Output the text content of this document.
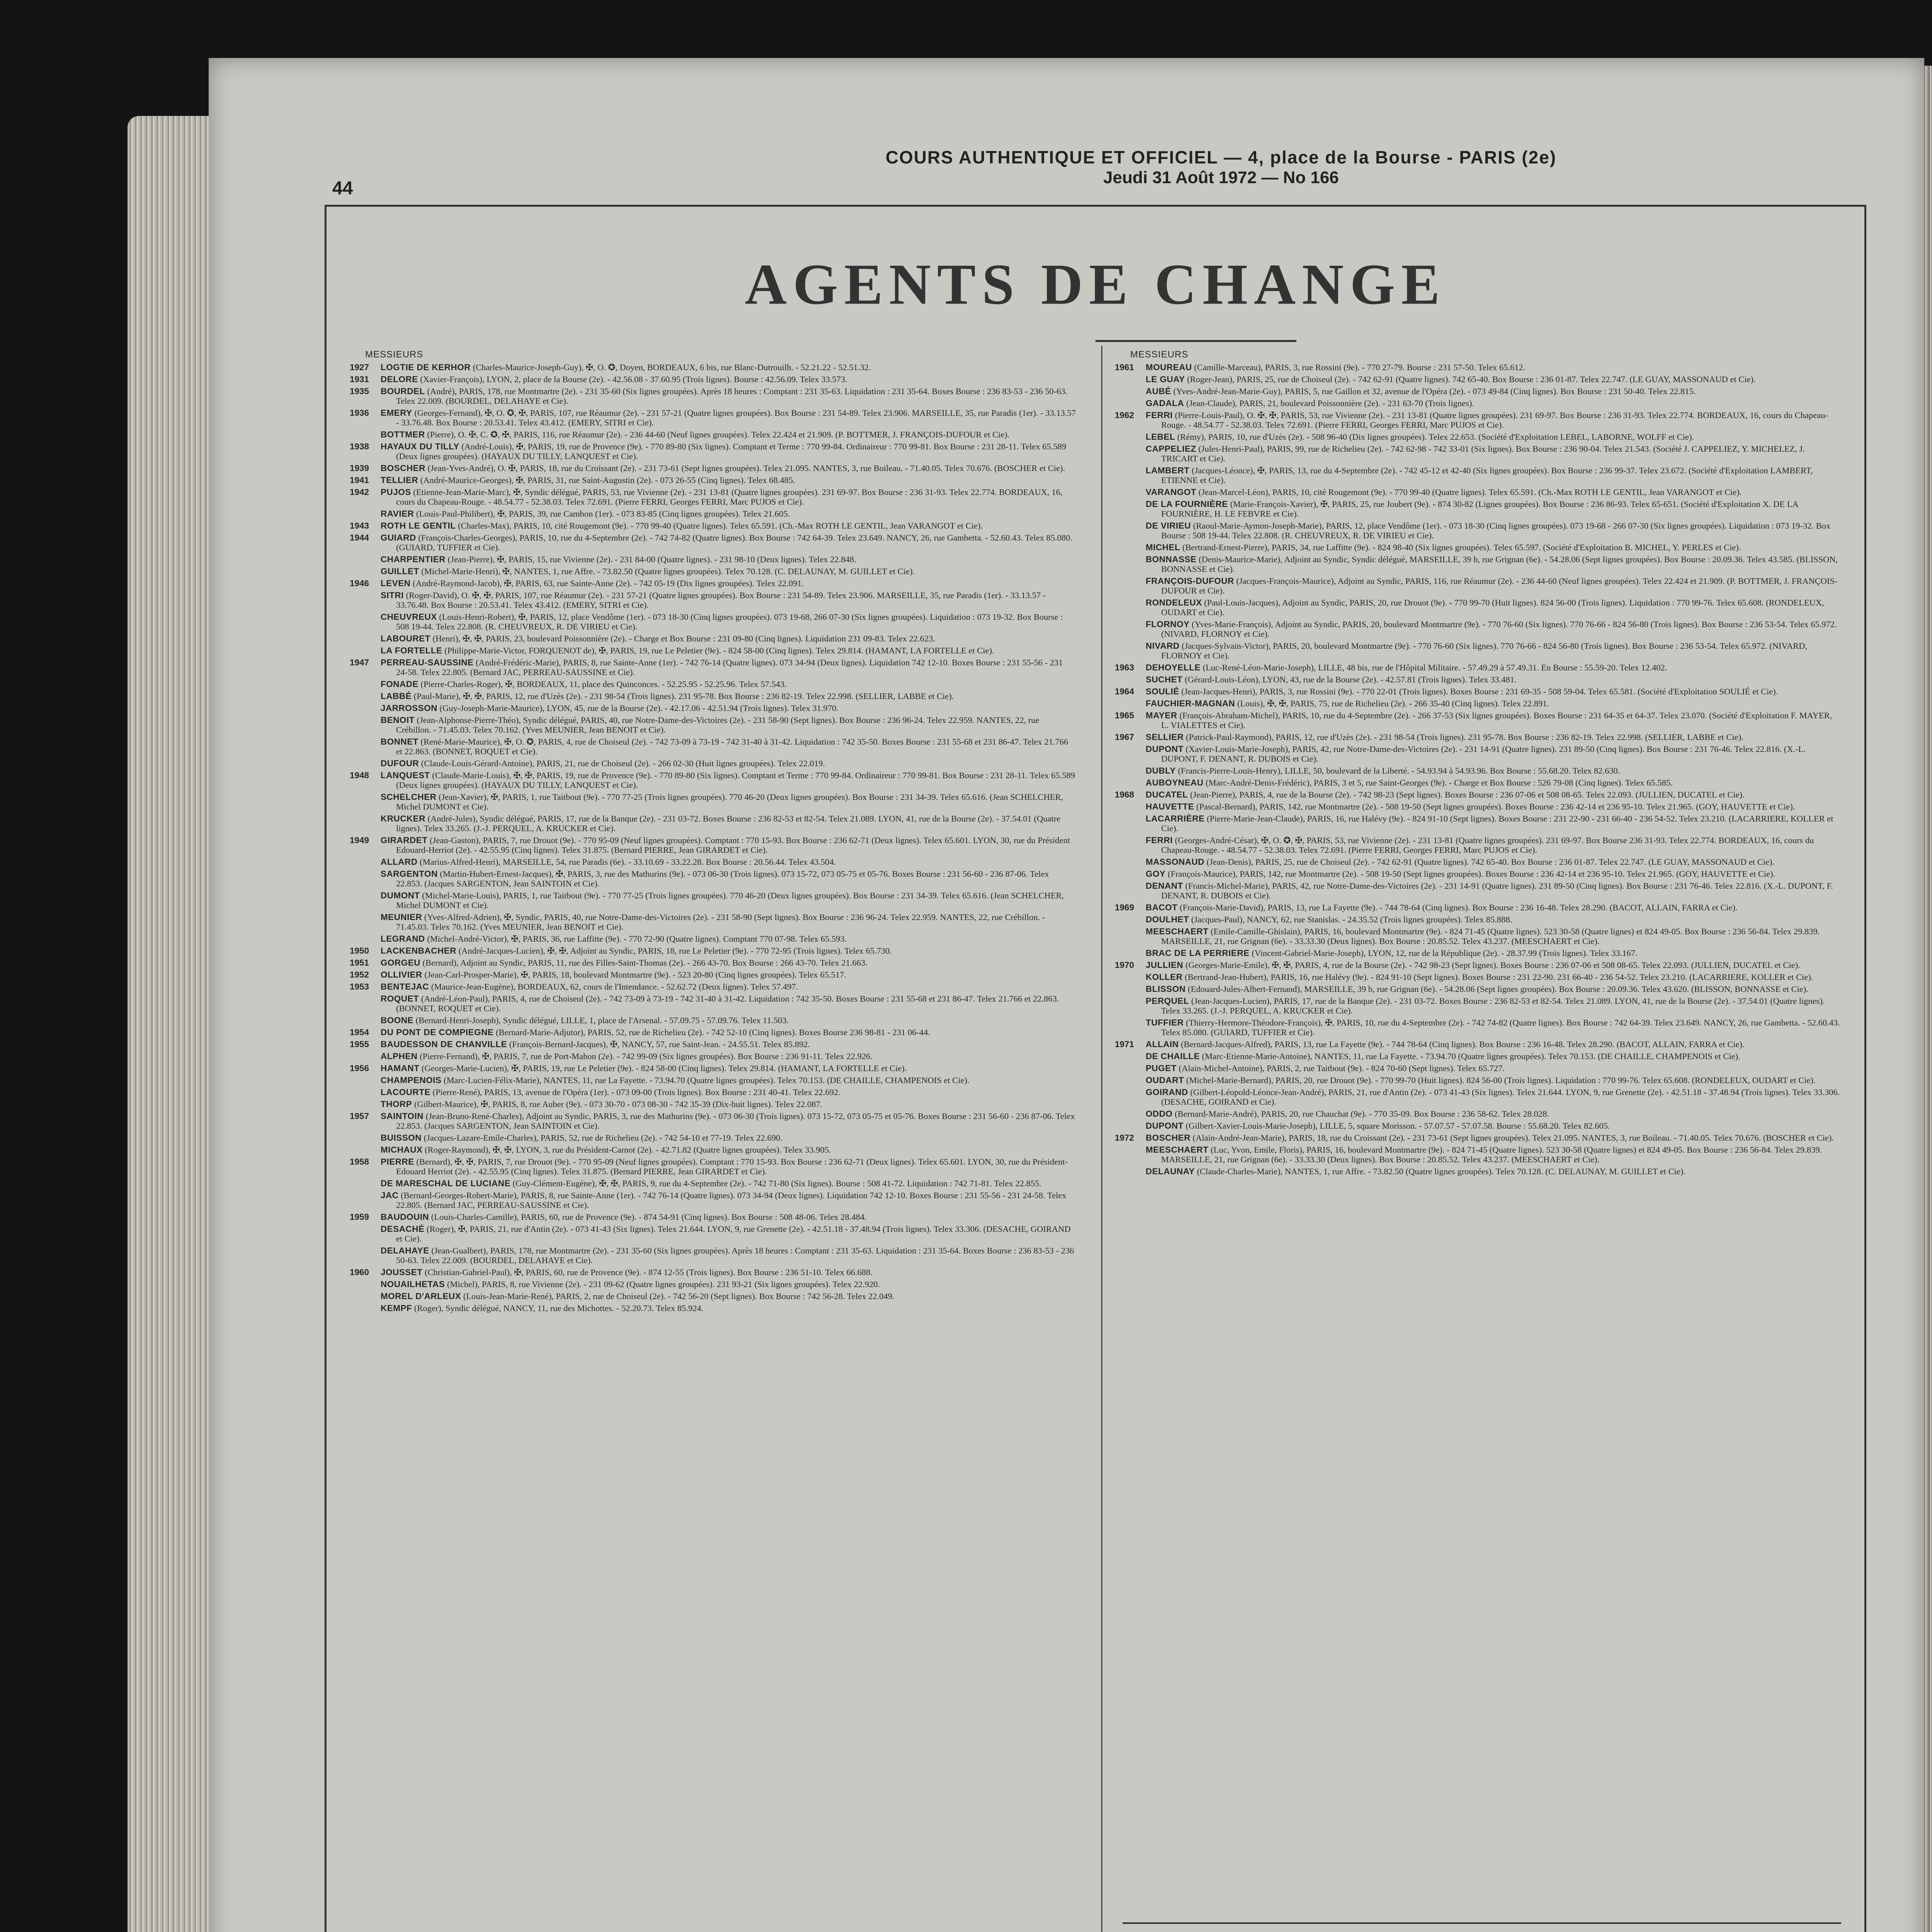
COURS AUTHENTIQUE ET OFFICIEL — 4, place de la Bourse - PARIS (2e)
Jeudi 31 Août 1972 — No 166
44
AGENTS DE CHANGE
MESSIEURS
1927 LOGTIE DE KERHOR (Charles-Maurice-Joseph-Guy), ✠, O. ✪, Doyen, BORDEAUX, 6 bis, rue Blanc-Dutrouilh. - 52.21.22 - 52.51.32.
1931 DELORE (Xavier-François), LYON, 2, place de la Bourse (2e). - 42.56.08 - 37.60.95 (Trois lignes). Bourse : 42.56.09. Telex 33.573.
1935 BOURDEL (André), PARIS, 178, rue Montmartre (2e). - 231 35-60 (Six lignes groupées). Après 18 heures : Comptant : 231 35-63. Liquidation : 231 35-64. Boxes Bourse : 236 83-53 - 236 50-63. Telex 22.009. (BOURDEL, DELAHAYE et Cie).
1936 EMERY (Georges-Fernand), ✠, O. ✪, ✠, PARIS, 107, rue Réaumur (2e). - 231 57-21 (Quatre lignes groupées). Box Bourse : 231 54-89. Telex 23.906. MARSEILLE, 35, rue Paradis (1er). - 33.13.57 - 33.76.48. Box Bourse : 20.53.41. Telex 43.412. (EMERY, SITRI et Cie).
BOTTMER (Pierre), O. ✠, C. ✪, ✠, PARIS, 116, rue Réaumur (2e). - 236 44-60 (Neuf lignes groupées). Telex 22.424 et 21.909. (P. BOTTMER, J. FRANÇOIS-DUFOUR et Cie).
1938 HAYAUX DU TILLY (André-Louis), ✠, PARIS, 19, rue de Provence (9e). - 770 89-80 (Six lignes). Comptant et Terme : 770 99-84. Ordinaireur : 770 99-81. Box Bourse : 231 28-11. Telex 65.589 (Deux lignes groupées). (HAYAUX DU TILLY, LANQUEST et Cie).
1939 BOSCHER (Jean-Yves-André), O. ✠, PARIS, 18, rue du Croissant (2e). - 231 73-61 (Sept lignes groupées). Telex 21.095. NANTES, 3, rue Boileau. - 71.40.05. Telex 70.676. (BOSCHER et Cie).
1941 TELLIER (André-Maurice-Georges), ✠, PARIS, 31, rue Saint-Augustin (2e). - 073 26-55 (Cinq lignes). Telex 68.485.
1942 PUJOS (Etienne-Jean-Marie-Marc), ✠, Syndic délégué, PARIS, 53, rue Vivienne (2e). - 231 13-81 (Quatre lignes groupées). 231 69-97. Box Bourse : 236 31-93. Telex 22.774. BORDEAUX, 16, cours du Chapeau-Rouge. - 48.54.77 - 52.38.03. Telex 72.691. (Pierre FERRI, Georges FERRI, Marc PUJOS et Cie).
RAVIER (Louis-Paul-Philibert), ✠, PARIS, 39, rue Cambon (1er). - 073 83-85 (Cinq lignes groupées). Telex 21.605.
1943 ROTH LE GENTIL (Charles-Max), PARIS, 10, cité Rougemont (9e). - 770 99-40 (Quatre lignes). Telex 65.591. (Ch.-Max ROTH LE GENTIL, Jean VARANGOT et Cie).
1944 GUIARD (François-Charles-Georges), PARIS, 10, rue du 4-Septembre (2e). - 742 74-82 (Quatre lignes). Box Bourse : 742 64-39. Telex 23.649. NANCY, 26, rue Gambetta. - 52.60.43. Telex 85.080. (GUIARD, TUFFIER et Cie).
CHARPENTIER (Jean-Pierre), ✠, PARIS, 15, rue Vivienne (2e). - 231 84-00 (Quatre lignes). - 231 98-10 (Deux lignes). Telex 22.848.
GUILLET (Michel-Marie-Henri), ✠, NANTES, 1, rue Affre. - 73.82.50 (Quatre lignes groupées). Telex 70.128. (C. DELAUNAY, M. GUILLET et Cie).
1946 LEVEN (André-Raymond-Jacob), ✠, PARIS, 63, rue Sainte-Anne (2e). - 742 05-19 (Dix lignes groupées). Telex 22.091.
SITRI (Roger-David), O. ✠, ✠, PARIS, 107, rue Réaumur (2e). - 231 57-21 (Quatre lignes groupées). Box Bourse : 231 54-89. Telex 23.906. MARSEILLE, 35, rue Paradis (1er). - 33.13.57 - 33.76.48. Box Bourse : 20.53.41. Telex 43.412. (EMERY, SITRI et Cie).
CHEUVREUX (Louis-Henri-Robert), ✠, PARIS, 12, place Vendôme (1er). - 073 18-30 (Cinq lignes groupées). 073 19-68, 266 07-30 (Six lignes groupées). Liquidation : 073 19-32. Box Bourse : 508 19-44. Telex 22.808. (R. CHEUVREUX, R. DE VIRIEU et Cie).
LABOURET (Henri), ✠, ✠, PARIS, 23, boulevard Poissonnière (2e). - Charge et Box Bourse : 231 09-80 (Cinq lignes). Liquidation 231 09-83. Telex 22.623.
LA FORTELLE (Philippe-Marie-Victor, FORQUENOT de), ✠, PARIS, 19, rue Le Peletier (9e). - 824 58-00 (Cinq lignes). Telex 29.814. (HAMANT, LA FORTELLE et Cie).
1947 PERREAU-SAUSSINE (André-Frédéric-Marie), PARIS, 8, rue Sainte-Anne (1er). - 742 76-14 (Quatre lignes). 073 34-94 (Deux lignes). Liquidation 742 12-10. Boxes Bourse : 231 55-56 - 231 24-58. Telex 22.805. (Bernard JAC, PERREAU-SAUSSINE et Cie).
FONADE (Pierre-Charles-Roger), ✠, BORDEAUX, 11, place des Quinconces. - 52.25.95 - 52.25.96. Telex 57.543.
LABBÉ (Paul-Marie), ✠, ✠, PARIS, 12, rue d'Uzès (2e). - 231 98-54 (Trois lignes). 231 95-78. Box Bourse : 236 82-19. Telex 22.998. (SELLIER, LABBE et Cie).
JARROSSON (Guy-Joseph-Marie-Maurice), LYON, 45, rue de la Bourse (2e). - 42.17.06 - 42.51.94 (Trois lignes). Telex 31.970.
BENOIT (Jean-Alphonse-Pierre-Théo), Syndic délégué, PARIS, 40, rue Notre-Dame-des-Victoires (2e). - 231 58-90 (Sept lignes). Box Bourse : 236 96-24. Telex 22.959. NANTES, 22, rue Crébillon. - 71.45.03. Telex 70.162. (Yves MEUNIER, Jean BENOIT et Cie).
BONNET (René-Marie-Maurice), ✠, O. ✪, PARIS, 4, rue de Choiseul (2e). - 742 73-09 à 73-19 - 742 31-40 à 31-42. Liquidation : 742 35-50. Boxes Bourse : 231 55-68 et 231 86-47. Telex 21.766 et 22.863. (BONNET, ROQUET et Cie).
DUFOUR (Claude-Louis-Gérard-Antoine), PARIS, 21, rue de Choiseul (2e). - 266 02-30 (Huit lignes groupées). Telex 22.019.
1948 LANQUEST (Claude-Marie-Louis), ✠, ✠, PARIS, 19, rue de Provence (9e). - 770 89-80 (Six lignes). Comptant et Terme : 770 99-84. Ordinaireur : 770 99-81. Box Bourse : 231 28-11. Telex 65.589 (Deux lignes groupées). (HAYAUX DU TILLY, LANQUEST et Cie).
SCHELCHER (Jean-Xavier), ✠, PARIS, 1, rue Taitbout (9e). - 770 77-25 (Trois lignes groupées). 770 46-20 (Deux lignes groupées). Box Bourse : 231 34-39. Telex 65.616. (Jean SCHELCHER, Michel DUMONT et Cie).
KRUCKER (André-Jules), Syndic délégué, PARIS, 17, rue de la Banque (2e). - 231 03-72. Boxes Bourse : 236 82-53 et 82-54. Telex 21.089. LYON, 41, rue de la Bourse (2e). - 37.54.01 (Quatre lignes). Telex 33.265. (J.-J. PERQUEL, A. KRUCKER et Cie).
1949 GIRARDET (Jean-Gaston), PARIS, 7, rue Drouot (9e). - 770 95-09 (Neuf lignes groupées). Comptant : 770 15-93. Box Bourse : 236 62-71 (Deux lignes). Telex 65.601. LYON, 30, rue du Président Edouard-Herriot (2e). - 42.55.95 (Cinq lignes). Telex 31.875. (Bernard PIERRE, Jean GIRARDET et Cie).
ALLARD (Marius-Alfred-Henri), MARSEILLE, 54, rue Paradis (6e). - 33.10.69 - 33.22.28. Box Bourse : 20.56.44. Telex 43.504.
SARGENTON (Martin-Hubert-Ernest-Jacques), ✠, PARIS, 3, rue des Mathurins (9e). - 073 06-30 (Trois lignes). 073 15-72, 073 05-75 et 05-76. Boxes Bourse : 231 56-60 - 236 87-06. Telex 22.853. (Jacques SARGENTON, Jean SAINTOIN et Cie).
DUMONT (Michel-Marie-Louis), PARIS, 1, rue Taitbout (9e). - 770 77-25 (Trois lignes groupées). 770 46-20 (Deux lignes groupées). Box Bourse : 231 34-39. Telex 65.616. (Jean SCHELCHER, Michel DUMONT et Cie).
MEUNIER (Yves-Alfred-Adrien), ✠, Syndic, PARIS, 40, rue Notre-Dame-des-Victoires (2e). - 231 58-90 (Sept lignes). Box Bourse : 236 96-24. Telex 22.959. NANTES, 22, rue Crébillon. - 71.45.03. Telex 70.162. (Yves MEUNIER, Jean BENOIT et Cie).
LEGRAND (Michel-André-Victor), ✠, PARIS, 36, rue Laffitte (9e). - 770 72-90 (Quatre lignes). Comptant 770 07-98. Telex 65.593.
1950 LACKENBACHER (André-Jacques-Lucien), ✠, ✠, Adjoint au Syndic, PARIS, 18, rue Le Peletier (9e). - 770 72-95 (Trois lignes). Telex 65.730.
1951 GORGEU (Bernard), Adjoint au Syndic, PARIS, 11, rue des Filles-Saint-Thomas (2e). - 266 43-70. Box Bourse : 266 43-70. Telex 21.663.
1952 OLLIVIER (Jean-Carl-Prosper-Marie), ✠, PARIS, 18, boulevard Montmartre (9e). - 523 20-80 (Cinq lignes groupées). Telex 65.517.
1953 BENTEJAC (Maurice-Jean-Eugène), BORDEAUX, 62, cours de l'Intendance. - 52.62.72 (Deux lignes). Telex 57.497.
ROQUET (André-Léon-Paul), PARIS, 4, rue de Choiseul (2e). - 742 73-09 à 73-19 - 742 31-40 à 31-42. Liquidation : 742 35-50. Boxes Bourse : 231 55-68 et 231 86-47. Telex 21.766 et 22.863. (BONNET, ROQUET et Cie).
BOONE (Bernard-Henri-Joseph), Syndic délégué, LILLE, 1, place de l'Arsenal. - 57.09.75 - 57.09.76. Telex 11.503.
1954 DU PONT DE COMPIEGNE (Bernard-Marie-Adjutor), PARIS, 52, rue de Richelieu (2e). - 742 52-10 (Cinq lignes). Boxes Bourse 236 98-81 - 231 06-44.
1955 BAUDESSON DE CHANVILLE (François-Bernard-Jacques), ✠, NANCY, 57, rue Saint-Jean. - 24.55.51. Telex 85.892.
ALPHEN (Pierre-Fernand), ✠, PARIS, 7, rue de Port-Mahon (2e). - 742 99-09 (Six lignes groupées). Box Bourse : 236 91-11. Telex 22.926.
1956 HAMANT (Georges-Marie-Lucien), ✠, PARIS, 19, rue Le Peletier (9e). - 824 58-00 (Cinq lignes). Telex 29.814. (HAMANT, LA FORTELLE et Cie).
CHAMPENOIS (Marc-Lucien-Félix-Marie), NANTES, 11, rue La Fayette. - 73.94.70 (Quatre lignes groupées). Telex 70.153. (DE CHAILLE, CHAMPENOIS et Cie).
LACOURTE (Pierre-René), PARIS, 13, avenue de l'Opéra (1er). - 073 09-00 (Trois lignes). Box Bourse : 231 40-41. Telex 22.692.
THORP (Gilbert-Maurice), ✠, PARIS, 8, rue Auber (9e). - 073 30-70 - 073 08-30 - 742 35-39 (Dix-huit lignes). Telex 22.087.
1957 SAINTOIN (Jean-Bruno-René-Charles), Adjoint au Syndic, PARIS, 3, rue des Mathurins (9e). - 073 06-30 (Trois lignes). 073 15-72, 073 05-75 et 05-76. Boxes Bourse : 231 56-60 - 236 87-06. Telex 22.853. (Jacques SARGENTON, Jean SAINTOIN et Cie).
BUISSON (Jacques-Lazare-Emile-Charles), PARIS, 52, rue de Richelieu (2e). - 742 54-10 et 77-19. Telex 22.690.
MICHAUX (Roger-Raymond), ✠, ✠, LYON, 3, rue du Président-Carnot (2e). - 42.71.82 (Quatre lignes groupées). Telex 33.905.
1958 PIERRE (Bernard), ✠, ✠, PARIS, 7, rue Drouot (9e). - 770 95-09 (Neuf lignes groupées). Comptant : 770 15-93. Box Bourse : 236 62-71 (Deux lignes). Telex 65.601. LYON, 30, rue du Président-Edouard Herriot (2e). - 42.55.95 (Cinq lignes). Telex 31.875. (Bernard PIERRE, Jean GIRARDET et Cie).
DE MARESCHAL DE LUCIANE (Guy-Clément-Eugène), ✠, ✠, PARIS, 9, rue du 4-Septembre (2e). - 742 71-80 (Six lignes). Bourse : 508 41-72. Liquidation : 742 71-81. Telex 22.855.
JAC (Bernard-Georges-Robert-Marie), PARIS, 8, rue Sainte-Anne (1er). - 742 76-14 (Quatre lignes). 073 34-94 (Deux lignes). Liquidation 742 12-10. Boxes Bourse : 231 55-56 - 231 24-58. Telex 22.805. (Bernard JAC, PERREAU-SAUSSINE et Cie).
1959 BAUDOUIN (Louis-Charles-Camille), PARIS, 60, rue de Provence (9e). - 874 54-91 (Cinq lignes). Box Bourse : 508 48-06. Telex 28.484.
DESACHÉ (Roger), ✠, PARIS, 21, rue d'Antin (2e). - 073 41-43 (Six lignes). Telex 21.644. LYON, 9, rue Grenette (2e). - 42.51.18 - 37.48.94 (Trois lignes). Telex 33.306. (DESACHE, GOIRAND et Cie).
DELAHAYE (Jean-Gualbert), PARIS, 178, rue Montmartre (2e). - 231 35-60 (Six lignes groupées). Après 18 heures : Comptant : 231 35-63. Liquidation : 231 35-64. Boxes Bourse : 236 83-53 - 236 50-63. Telex 22.009. (BOURDEL, DELAHAYE et Cie).
1960 JOUSSET (Christian-Gabriel-Paul), ✠, PARIS, 60, rue de Provence (9e). - 874 12-55 (Trois lignes). Box Bourse : 236 51-10. Telex 66.688.
NOUAILHETAS (Michel), PARIS, 8, rue Vivienne (2e). - 231 09-62 (Quatre lignes groupées). 231 93-21 (Six lignes groupées). Telex 22.920.
MOREL D'ARLEUX (Louis-Jean-Marie-René), PARIS, 2, rue de Choiseul (2e). - 742 56-20 (Sept lignes). Box Bourse : 742 56-28. Telex 22.049.
KEMPF (Roger), Syndic délégué, NANCY, 11, rue des Michottes. - 52.20.73. Telex 85.924.
MESSIEURS
1961 MOUREAU (Camille-Marceau), PARIS, 3, rue Rossini (9e). - 770 27-79. Bourse : 231 57-50. Telex 65.612.
LE GUAY (Roger-Jean), PARIS, 25, rue de Choiseul (2e). - 742 62-91 (Quatre lignes). 742 65-40. Box Bourse : 236 01-87. Telex 22.747. (LE GUAY, MASSONAUD et Cie).
AUBÉ (Yves-André-Jean-Marie-Guy), PARIS, 5, rue Gaillon et 32, avenue de l'Opéra (2e). - 073 49-84 (Cinq lignes). Box Bourse : 231 50-40. Telex 22.815.
GADALA (Jean-Claude), PARIS, 21, boulevard Poissonnière (2e). - 231 63-70 (Trois lignes).
1962 FERRI (Pierre-Louis-Paul), O. ✠, ✠, PARIS, 53, rue Vivienne (2e). - 231 13-81 (Quatre lignes groupées). 231 69-97. Box Bourse : 236 31-93. Telex 22.774. BORDEAUX, 16, cours du Chapeau-Rouge. - 48.54.77 - 52.38.03. Telex 72.691. (Pierre FERRI, Georges FERRI, Marc PUJOS et Cie).
LEBEL (Rémy), PARIS, 10, rue d'Uzès (2e). - 508 96-40 (Dix lignes groupées). Telex 22.653. (Société d'Exploitation LEBEL, LABORNE, WOLFF et Cie).
CAPPELIEZ (Jules-Henri-Paul), PARIS, 99, rue de Richelieu (2e). - 742 62-98 - 742 33-01 (Six lignes). Box Bourse : 236 90-04. Telex 21.543. (Société J. CAPPELIEZ, Y. MICHELEZ, J. TRICART et Cie).
LAMBERT (Jacques-Léonce), ✠, PARIS, 13, rue du 4-Septembre (2e). - 742 45-12 et 42-40 (Six lignes groupées). Box Bourse : 236 99-37. Telex 23.672. (Société d'Exploitation LAMBERT, ETIENNE et Cie).
VARANGOT (Jean-Marcel-Léon), PARIS, 10, cité Rougemont (9e). - 770 99-40 (Quatre lignes). Telex 65.591. (Ch.-Max ROTH LE GENTIL, Jean VARANGOT et Cie).
DE LA FOURNIÈRE (Marie-François-Xavier), ✠, PARIS, 25, rue Joubert (9e). - 874 30-82 (Lignes groupées). Box Bourse : 236 86-93. Telex 65-651. (Société d'Exploitation X. DE LA FOURNIÈRE, H. LE FEBVRE et Cie).
DE VIRIEU (Raoul-Marie-Aymon-Joseph-Marie), PARIS, 12, place Vendôme (1er). - 073 18-30 (Cinq lignes groupées). 073 19-68 - 266 07-30 (Six lignes groupées). Liquidation : 073 19-32. Box Bourse : 508 19-44. Telex 22.808. (R. CHEUVREUX, R. DE VIRIEU et Cie).
MICHEL (Bertrand-Ernest-Pierre), PARIS, 34, rue Laffitte (9e). - 824 98-40 (Six lignes groupées). Telex 65.597. (Société d'Exploitation B. MICHEL, Y. PERLES et Cie).
BONNASSE (Denis-Maurice-Marie), Adjoint au Syndic, Syndic délégué, MARSEILLE, 39 b, rue Grignan (6e). - 54.28.06 (Sept lignes groupées). Box Bourse : 20.09.36. Telex 43.585. (BLISSON, BONNASSE et Cie).
FRANÇOIS-DUFOUR (Jacques-François-Maurice), Adjoint au Syndic, PARIS, 116, rue Réaumur (2e). - 236 44-60 (Neuf lignes groupées). Telex 22.424 et 21.909. (P. BOTTMER, J. FRANÇOIS-DUFOUR et Cie).
RONDELEUX (Paul-Louis-Jacques), Adjoint au Syndic, PARIS, 20, rue Drouot (9e). - 770 99-70 (Huit lignes). 824 56-00 (Trois lignes). Liquidation : 770 99-76. Telex 65.608. (RONDELEUX, OUDART et Cie).
FLORNOY (Yves-Marie-François), Adjoint au Syndic, PARIS, 20, boulevard Montmartre (9e). - 770 76-60 (Six lignes). 770 76-66 - 824 56-80 (Trois lignes). Box Bourse : 236 53-54. Telex 65.972. (NIVARD, FLORNOY et Cie).
NIVARD (Jacques-Sylvain-Victor), PARIS, 20, boulevard Montmartre (9e). - 770 76-60 (Six lignes). 770 76-66 - 824 56-80 (Trois lignes). Box Bourse : 236 53-54. Telex 65.972. (NIVARD, FLORNOY et Cie).
1963 DEHOYELLE (Luc-René-Léon-Marie-Joseph), LILLE, 48 bis, rue de l'Hôpital Militaire. - 57.49.29 à 57.49.31. En Bourse : 55.59-20. Telex 12.402.
SUCHET (Gérard-Louis-Léon), LYON, 43, rue de la Bourse (2e). - 42.57.81 (Trois lignes). Telex 33.481.
1964 SOULIÉ (Jean-Jacques-Henri), PARIS, 3, rue Rossini (9e). - 770 22-01 (Trois lignes). Boxes Bourse : 231 69-35 - 508 59-04. Telex 65.581. (Société d'Exploitation SOULIÉ et Cie).
FAUCHIER-MAGNAN (Louis), ✠, ✠, PARIS, 75, rue de Richelieu (2e). - 266 35-40 (Cinq lignes). Telex 22.891.
1965 MAYER (François-Abraham-Michel), PARIS, 10, rue du 4-Septembre (2e). - 266 37-53 (Six lignes groupées). Boxes Bourse : 231 64-35 et 64-37. Telex 23.070. (Société d'Exploitation F. MAYER, L. VIALETTES et Cie).
1967 SELLIER (Patrick-Paul-Raymond), PARIS, 12, rue d'Uzès (2e). - 231 98-54 (Trois lignes). 231 95-78. Box Bourse : 236 82-19. Telex 22.998. (SELLIER, LABBE et Cie).
DUPONT (Xavier-Louis-Marie-Joseph), PARIS, 42, rue Notre-Dame-des-Victoires (2e). - 231 14-91 (Quatre lignes). 231 89-50 (Cinq lignes). Box Bourse : 231 76-46. Telex 22.816. (X.-L. DUPONT, F. DENANT, R. DUBOIS et Cie).
DUBLY (Francis-Pierre-Louis-Henry), LILLE, 50, boulevard de la Liberté. - 54.93.94 à 54.93.96. Box Bourse : 55.68.20. Telex 82.630.
AUBOYNEAU (Marc-André-Denis-Frédéric), PARIS, 3 et 5, rue Saint-Georges (9e). - Charge et Box Bourse : 526 79-08 (Cinq lignes). Telex 65.585.
1968 DUCATEL (Jean-Pierre), PARIS, 4, rue de la Bourse (2e). - 742 98-23 (Sept lignes). Boxes Bourse : 236 07-06 et 508 08-65. Telex 22.093. (JULLIEN, DUCATEL et Cie).
HAUVETTE (Pascal-Bernard), PARIS, 142, rue Montmartre (2e). - 508 19-50 (Sept lignes groupées). Boxes Bourse : 236 42-14 et 236 95-10. Telex 21.965. (GOY, HAUVETTE et Cie).
LACARRIÈRE (Pierre-Marie-Jean-Claude), PARIS, 16, rue Halévy (9e). - 824 91-10 (Sept lignes). Boxes Bourse : 231 22-90 - 231 66-40 - 236 54-52. Telex 23.210. (LACARRIERE, KOLLER et Cie).
FERRI (Georges-André-César), ✠, O. ✪, ✠, PARIS, 53, rue Vivienne (2e). - 231 13-81 (Quatre lignes groupées). 231 69-97. Box Bourse 236 31-93. Telex 22.774. BORDEAUX, 16, cours du Chapeau-Rouge. - 48.54.77 - 52.38.03. Telex 72.691. (Pierre FERRI, Georges FERRI, Marc PUJOS et Cie).
MASSONAUD (Jean-Denis), PARIS, 25, rue de Choiseul (2e). - 742 62-91 (Quatre lignes). 742 65-40. Box Bourse : 236 01-87. Telex 22.747. (LE GUAY, MASSONAUD et Cie).
GOY (François-Maurice), PARIS, 142, rue Montmartre (2e). - 508 19-50 (Sept lignes groupées). Boxes Bourse : 236 42-14 et 236 95-10. Telex 21.965. (GOY, HAUVETTE et Cie).
DENANT (Francis-Michel-Marie), PARIS, 42, rue Notre-Dame-des-Victoires (2e). - 231 14-91 (Quatre lignes). 231 89-50 (Cinq lignes). Box Bourse : 231 76-46. Telex 22.816. (X.-L. DUPONT, F. DENANT, R. DUBOIS et Cie).
1969 BACOT (François-Marie-David), PARIS, 13, rue La Fayette (9e). - 744 78-64 (Cinq lignes). Box Bourse : 236 16-48. Telex 28.290. (BACOT, ALLAIN, FARRA et Cie).
DOULHET (Jacques-Paul), NANCY, 62, rue Stanislas. - 24.35.52 (Trois lignes groupées). Telex 85.888.
MEESCHAERT (Emile-Camille-Ghislain), PARIS, 16, boulevard Montmartre (9e). - 824 71-45 (Quatre lignes). 523 30-58 (Quatre lignes) et 824 49-05. Box Bourse : 236 56-84. Telex 29.839. MARSEILLE, 21, rue Grignan (6e). - 33.33.30 (Deux lignes). Box Bourse : 20.85.52. Telex 43.237. (MEESCHAERT et Cie).
BRAC DE LA PERRIERE (Vincent-Gabriel-Marie-Joseph), LYON, 12, rue de la République (2e). - 28.37.99 (Trois lignes). Telex 33.167.
1970 JULLIEN (Georges-Marie-Emile), ✠, ✠, PARIS, 4, rue de la Bourse (2e). - 742 98-23 (Sept lignes). Boxes Bourse : 236 07-06 et 508 08-65. Telex 22.093. (JULLIEN, DUCATEL et Cie).
KOLLER (Bertrand-Jean-Hubert), PARIS, 16, rue Halévy (9e). - 824 91-10 (Sept lignes). Boxes Bourse : 231 22-90. 231 66-40 - 236 54-52. Telex 23.210. (LACARRIERE, KOLLER et Cie).
BLISSON (Edouard-Jules-Albert-Fernand), MARSEILLE, 39 b, rue Grignan (6e). - 54.28.06 (Sept lignes groupées). Box Bourse : 20.09.36. Telex 43.620. (BLISSON, BONNASSE et Cie).
PERQUEL (Jean-Jacques-Lucien), PARIS, 17, rue de la Banque (2e). - 231 03-72. Boxes Bourse : 236 82-53 et 82-54. Telex 21.089. LYON, 41, rue de la Bourse (2e). - 37.54.01 (Quatre lignes). Telex 33.265. (J.-J. PERQUEL, A. KRUCKER et Cie).
TUFFIER (Thierry-Hermore-Théodore-François), ✠, PARIS, 10, rue du 4-Septembre (2e). - 742 74-82 (Quatre lignes). Box Bourse : 742 64-39. Telex 23.649. NANCY, 26, rue Gambetta. - 52.60.43. Telex 85.080. (GUIARD, TUFFIER et Cie).
1971 ALLAIN (Bernard-Jacques-Alfred), PARIS, 13, rue La Fayette (9e). - 744 78-64 (Cinq lignes). Box Bourse : 236 16-48. Telex 28.290. (BACOT, ALLAIN, FARRA et Cie).
DE CHAILLE (Marc-Etienne-Marie-Antoine), NANTES, 11, rue La Fayette. - 73.94.70 (Quatre lignes groupées). Telex 70.153. (DE CHAILLE, CHAMPENOIS et Cie).
PUGET (Alain-Michel-Antoine), PARIS, 2, rue Taitbout (9e). - 824 70-60 (Sept lignes). Telex 65.727.
OUDART (Michel-Marie-Bernard), PARIS, 20, rue Drouot (9e). - 770 99-70 (Huit lignes). 824 56-00 (Trois lignes). Liquidation : 770 99-76. Telex 65.608. (RONDELEUX, OUDART et Cie).
GOIRAND (Gilbert-Léopold-Léonce-Jean-André), PARIS, 21, rue d'Antin (2e). - 073 41-43 (Six lignes). Telex 21.644. LYON, 9, rue Grenette (2e). - 42.51.18 - 37.48.94 (Trois lignes). Telex 33.306. (DESACHE, GOIRAND et Cie).
ODDO (Bernard-Marie-André), PARIS, 20, rue Chauchat (9e). - 770 35-09. Box Bourse : 236 58-62. Telex 28.028.
DUPONT (Gilbert-Xavier-Louis-Marie-Joseph), LILLE, 5, square Morisson. - 57.07.57 - 57.07.58. Bourse : 55.68.20. Telex 82.605.
1972 BOSCHER (Alain-André-Jean-Marie), PARIS, 18, rue du Croissant (2e). - 231 73-61 (Sept lignes groupées). Telex 21.095. NANTES, 3, rue Boileau. - 71.40.05. Telex 70.676. (BOSCHER et Cie).
MEESCHAERT (Luc, Yvon, Emile, Floris), PARIS, 16, boulevard Montmartre (9e). - 824 71-45 (Quatre lignes). 523 30-58 (Quatre lignes) et 824 49-05. Box Bourse : 236 56-84. Telex 29.839. MARSEILLE, 21, rue Grignan (6e). - 33.33.30 (Deux lignes). Box Bourse : 20.85.52. Telex 43.237. (MEESCHAERT et Cie).
DELAUNAY (Claude-Charles-Marie), NANTES, 1, rue Affre. - 73.82.50 (Quatre lignes groupées). Telex 70.128. (C. DELAUNAY, M. GUILLET et Cie).
